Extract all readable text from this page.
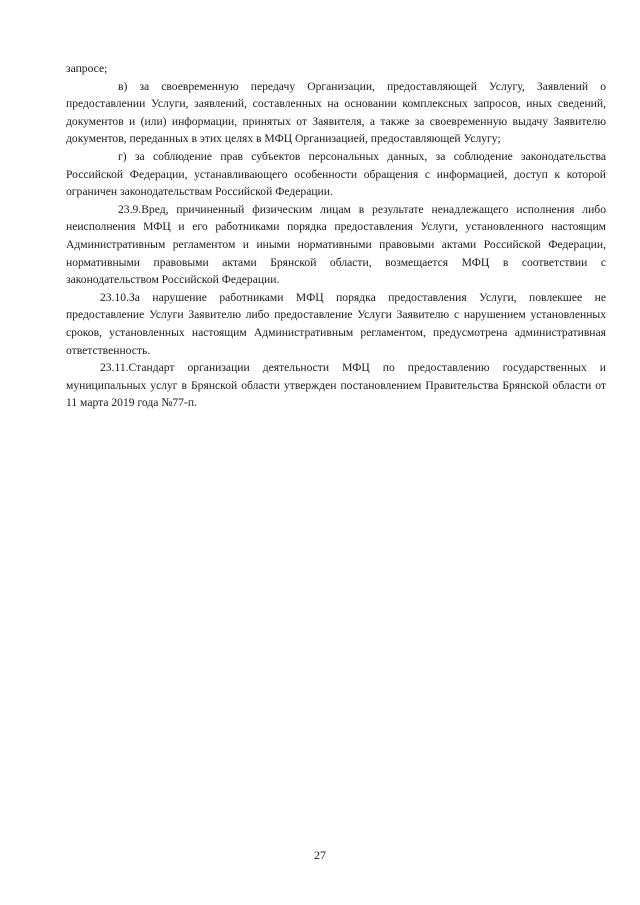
запросе;

в) за своевременную передачу Организации, предоставляющей Услугу, Заявлений о предоставлении Услуги, заявлений, составленных на основании комплексных запросов, иных сведений, документов и (или) информации, принятых от Заявителя, а также за своевременную выдачу Заявителю документов, переданных в этих целях в МФЦ Организацией, предоставляющей Услугу;

г) за соблюдение прав субъектов персональных данных, за соблюдение законодательства Российской Федерации, устанавливающего особенности обращения с информацией, доступ к которой ограничен законодательствам Российской Федерации.

23.9.Вред, причиненный физическим лицам в результате ненадлежащего исполнения либо неисполнения МФЦ и его работниками порядка предоставления Услуги, установленного настоящим Административным регламентом и иными нормативными правовыми актами Российской Федерации, нормативными правовыми актами Брянской области, возмещается МФЦ в соответствии с законодательством Российской Федерации.

23.10.За нарушение работниками МФЦ порядка предоставления Услуги, повлекшее не предоставление Услуги Заявителю либо предоставление Услуги Заявителю с нарушением установленных сроков, установленных настоящим Административным регламентом, предусмотрена административная ответственность.

23.11.Стандарт организации деятельности МФЦ по предоставлению государственных и муниципальных услуг в Брянской области утвержден постановлением Правительства Брянской области от 11 марта 2019 года №77-п.

27
